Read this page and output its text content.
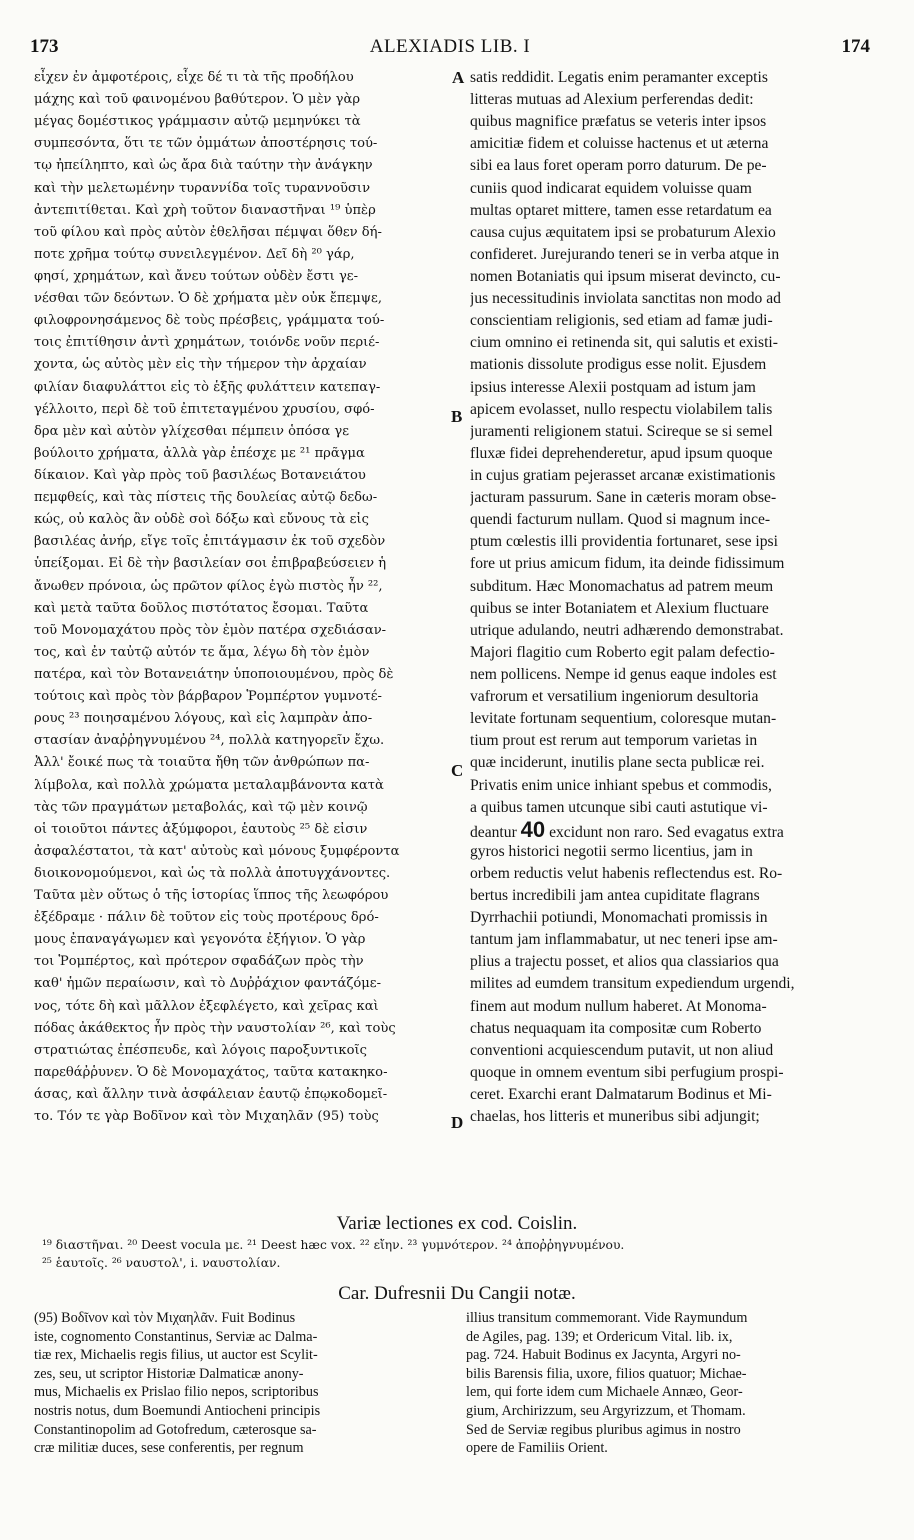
173	ALEXIADIS LIB. I	174
εἶχεν ἐν ἀμφοτέροις, εἶχε δέ τι τὰ τῆς προδήλου
μάχης καὶ τοῦ φαινομένου βαθύτερον. Ὁ μὲν γὰρ
μέγας δομέστικος γράμμασιν αὐτῷ μεμηνύκει τὰ
συμπεσόντα, ὅτι τε τῶν ὀμμάτων ἀποστέρησις τού-
τῳ ἠπείληπτο, καὶ ὡς ἄρα διὰ ταύτην τὴν ἀνάγκην
καὶ τὴν μελετωμένην τυραννίδα τοῖς τυραννοῦσιν
ἀντεπιτίθεται. Καὶ χρὴ τοῦτον διαναστῆναι ¹⁹ ὑπὲρ
τοῦ φίλου καὶ πρὸς αὐτὸν ἐθελῆσαι πέμψαι ὅθεν δή-
ποτε χρῆμα τούτῳ συνειλεγμένον. Δεῖ δὴ ²⁰ γάρ,
φησί, χρημάτων, καὶ ἄνευ τούτων οὐδὲν ἔστι γε-
νέσθαι τῶν δεόντων. Ὁ δὲ χρήματα μὲν οὐκ ἔπεμψε,
φιλοφρονησάμενος δὲ τοὺς πρέσβεις, γράμματα τού-
τοις ἐπιτίθησιν ἀντὶ χρημάτων, τοιόνδε νοῦν περιέ-
χοντα, ὡς αὐτὸς μὲν εἰς τὴν τήμερον τὴν ἀρχαίαν
φιλίαν διαφυλάττοι εἰς τὸ ἑξῆς φυλάττειν κατεπαγ-
γέλλοιτο, περὶ δὲ τοῦ ἐπιτεταγμένου χρυσίου, σφό-
δρα μὲν καὶ αὐτὸν γλίχεσθαι πέμπειν ὁπόσα γε
βούλοιτο χρήματα, ἀλλὰ γὰρ ἐπέσχε με ²¹ πρᾶγμα
δίκαιον. Καὶ γὰρ πρὸς τοῦ βασιλέως Βοτανειάτου
πεμφθείς, καὶ τὰς πίστεις τῆς δουλείας αὐτῷ δεδω-
κώς, οὐ καλὸς ἂν οὐδὲ σοὶ δόξω καὶ εὔνους τὰ εἰς
βασιλέας ἀνήρ, εἴγε τοῖς ἐπιτάγμασιν ἐκ τοῦ σχεδὸν
ὑπείξομαι. Εἰ δὲ τὴν βασιλείαν σοι ἐπιβραβεύσειεν ἡ
ἄνωθεν πρόνοια, ὡς πρῶτον φίλος ἐγὼ πιστὸς ἦν ²²,
καὶ μετὰ ταῦτα δοῦλος πιστότατος ἔσομαι. Ταῦτα
τοῦ Μονομαχάτου πρὸς τὸν ἐμὸν πατέρα σχεδιάσαν-
τος, καὶ ἐν ταὐτῷ αὐτόν τε ἅμα, λέγω δὴ τὸν ἐμὸν
πατέρα, καὶ τὸν Βοτανειάτην ὑποποιουμένου, πρὸς δὲ
τούτοις καὶ πρὸς τὸν βάρβαρον Ῥομπέρτον γυμνοτέ-
ρους ²³ ποιησαμένου λόγους, καὶ εἰς λαμπρὰν ἀπο-
στασίαν ἀναῤῥηγνυμένου ²⁴, πολλὰ κατηγορεῖν ἔχω.
Ἀλλ' ἔοικέ πως τὰ τοιαῦτα ἤθη τῶν ἀνθρώπων πα-
λίμβολα, καὶ πολλὰ χρώματα μεταλαμβάνοντα κατὰ
τὰς τῶν πραγμάτων μεταβολάς, καὶ τῷ μὲν κοινῷ
οἱ τοιοῦτοι πάντες ἀξύμφοροι, ἑαυτοὺς ²⁵ δὲ εἰσιν
ἀσφαλέστατοι, τὰ κατ' αὐτοὺς καὶ μόνους ξυμφέροντα
διοικονομούμενοι, καὶ ὡς τὰ πολλὰ ἀποτυγχάνοντες.
Ταῦτα μὲν οὕτως ὁ τῆς ἱστορίας ἵππος τῆς λεωφόρου
ἐξέδραμε · πάλιν δὲ τοῦτον εἰς τοὺς προτέρους δρό-
μους ἐπαναγάγωμεν καὶ γεγονότα ἐξήγιον. Ὁ γὰρ
τοι Ῥομπέρτος, καὶ πρότερον σφαδάζων πρὸς τὴν
καθ' ἡμῶν περαίωσιν, καὶ τὸ Δυῤῥάχιον φαντάζόμε-
νος, τότε δὴ καὶ μᾶλλον ἐξεφλέγετο, καὶ χεῖρας καὶ
πόδας ἀκάθεκτος ἦν πρὸς τὴν ναυστολίαν ²⁶, καὶ τοὺς
στρατιώτας ἐπέσπευδε, καὶ λόγοις παροξυντικοῖς
παρεθάῤῥυνεν. Ὁ δὲ Μονομαχάτος, ταῦτα κατακηκο-
άσας, καὶ ἄλλην τινὰ ἀσφάλειαν ἑαυτῷ ἐπῳκοδομεῖ-
το. Τόν τε γὰρ Βοδῖνον καὶ τὸν Μιχαηλᾶν (95) τοὺς
satis reddidit. Legatis enim peramanter exceptis
litteras mutuas ad Alexium perferendas dedit:
quibus magnifice præfatus se veteris inter ipsos
amicitiæ fidem et coluisse hactenus et ut æterna
sibi ea laus foret operam porro daturum. De pe-
cuniis quod indicarat equidem voluisse quam
multas optaret mittere, tamen esse retardatum ea
causa cujus æquitatem ipsi se probaturum Alexio
confideret. Jurejurando teneri se in verba atque in
nomen Botaniatis qui ipsum miserat devincto, cu-
jus necessitudinis inviolata sanctitas non modo ad
conscientiam religionis, sed etiam ad famæ judi-
cium omnino ei retinenda sit, qui salutis et existi-
mationis dissolute prodigus esse nolit. Ejusdem
ipsius interesse Alexii postquam ad istum jam
apicem evolasset, nullo respectu violabilem talis
juramenti religionem statui. Scireque se si semel
fluxæ fidei deprehenderetur, apud ipsum quoque
in cujus gratiam pejerasset arcanæ existimationis
jacturam passurum. Sane in cæteris moram obse-
quendi facturum nullam. Quod si magnum ince-
ptum cœlestis illi providentia fortunaret, sese ipsi
fore ut prius amicum fidum, ita deinde fidissimum
subditum. Hæc Monomachatus ad patrem meum
quibus se inter Botaniatem et Alexium fluctuare
utrique adulando, neutri adhærendo demonstrabat.
Majori flagitio cum Roberto egit palam defectio-
nem pollicens. Nempe id genus eaque indoles est
vafrorum et versatilium ingeniorum desultoria
levitate fortunam sequentium, coloresque mutan-
tium prout est rerum aut temporum varietas in
quæ inciderunt, inutilis plane secta publicæ rei.
Privatis enim unice inhiant spebus et commodis,
a quibus tamen utcunque sibi cauti astutique vi-
deantur 40 excidunt non raro. Sed evagatus extra
gyros historici negotii sermo licentius, jam in
orbem reductis velut habenis reflectendus est. Ro-
bertus incredibili jam antea cupiditate flagrans
Dyrrhachii potiundi, Monomachati promissis in
tantum jam inflammabatur, ut nec teneri ipse am-
plius a trajectu posset, et alios qua classiarios qua
milites ad eumdem transitum expediendum urgendi,
finem aut modum nullum haberet. At Monoma-
chatus nequaquam ita compositæ cum Roberto
conventioni acquiescendum putavit, ut non aliud
quoque in omnem eventum sibi perfugium prospi-
ceret. Exarchi erant Dalmatarum Bodinus et Mi-
chaelas, hos litteris et muneribus sibi adjungit;
A
B
C
D
Variæ lectiones ex cod. Coislin.
¹⁹ διαστῆναι. ²⁰ Deest vocula με. ²¹ Deest hæc vox. ²² εἴην. ²³ γυμνότερον. ²⁴ ἀποῤῥηγνυμένου.
²⁵ ἑαυτοῖς. ²⁶ ναυστολ', i. ναυστολίαν.
Car. Dufresnii Du Cangii notæ.
(95) Βοδῖνον καὶ τὸν Μιχαηλᾶν. Fuit Bodinus
iste, cognomento Constantinus, Serviæ ac Dalma-
tiæ rex, Michaelis regis filius, ut auctor est Scylit-
zes, seu, ut scriptor Historiæ Dalmaticæ anony-
mus, Michaelis ex Prislao filio nepos, scriptoribus
nostris notus, dum Boemundi Antiocheni principis
Constantinopolim ad Gotofredum, cæterosque sa-
cræ militiæ duces, sese conferentis, per regnum
illius transitum commemorant. Vide Raymundum
de Agiles, pag. 139; et Ordericum Vital. lib. ix,
pag. 724. Habuit Bodinus ex Jacynta, Argyri no-
bilis Barensis filia, uxore, filios quatuor; Michae-
lem, qui forte idem cum Michaele Annæo, Geor-
gium, Archirizzum, seu Argyrizzum, et Thomam.
Sed de Serviæ regibus pluribus agimus in nostro
opere de Familiis Orient.
